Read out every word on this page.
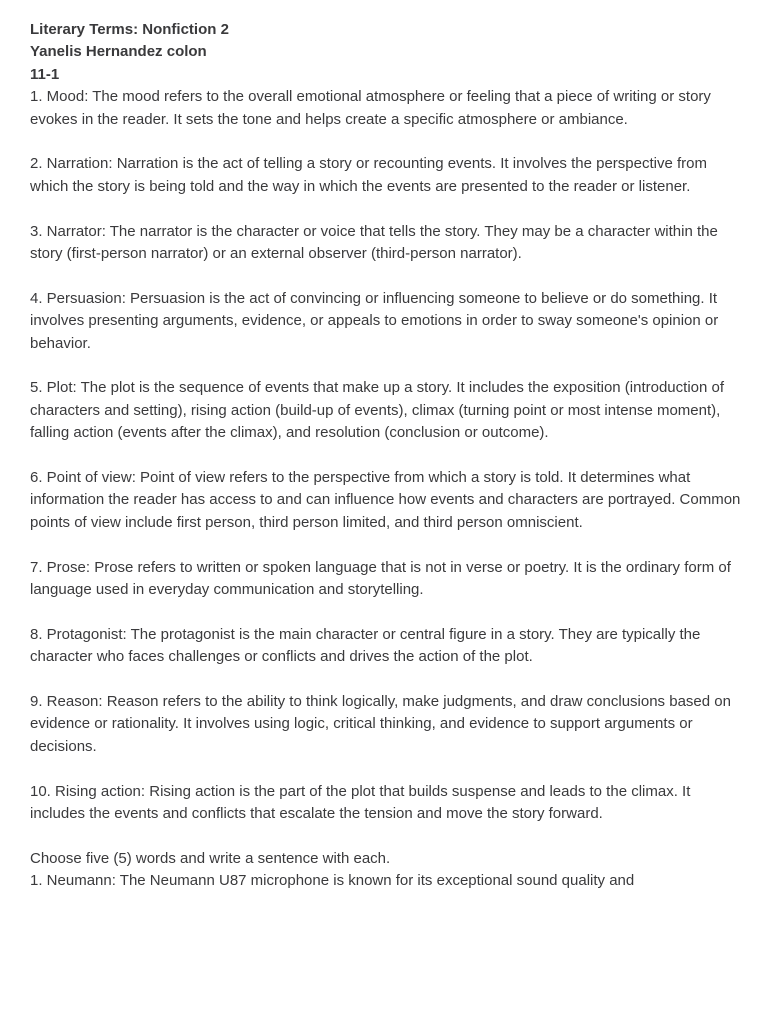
Literary Terms: Nonfiction 2

Yanelis Hernandez colon

11-1

1. Mood: The mood refers to the overall emotional atmosphere or feeling that a piece of writing or story evokes in the reader. It sets the tone and helps create a specific atmosphere or ambiance.

2. Narration: Narration is the act of telling a story or recounting events. It involves the perspective from which the story is being told and the way in which the events are presented to the reader or listener.

3. Narrator: The narrator is the character or voice that tells the story. They may be a character within the story (first-person narrator) or an external observer (third-person narrator).

4. Persuasion: Persuasion is the act of convincing or influencing someone to believe or do something. It involves presenting arguments, evidence, or appeals to emotions in order to sway someone's opinion or behavior.

5. Plot: The plot is the sequence of events that make up a story. It includes the exposition (introduction of characters and setting), rising action (build-up of events), climax (turning point or most intense moment), falling action (events after the climax), and resolution (conclusion or outcome).

6. Point of view: Point of view refers to the perspective from which a story is told. It determines what information the reader has access to and can influence how events and characters are portrayed. Common points of view include first person, third person limited, and third person omniscient.

7. Prose: Prose refers to written or spoken language that is not in verse or poetry. It is the ordinary form of language used in everyday communication and storytelling.

8. Protagonist: The protagonist is the main character or central figure in a story. They are typically the character who faces challenges or conflicts and drives the action of the plot.

9. Reason: Reason refers to the ability to think logically, make judgments, and draw conclusions based on evidence or rationality. It involves using logic, critical thinking, and evidence to support arguments or decisions.

10. Rising action: Rising action is the part of the plot that builds suspense and leads to the climax. It includes the events and conflicts that escalate the tension and move the story forward.

Choose five (5) words and write a sentence with each.

1. Neumann: The Neumann U87 microphone is known for its exceptional sound quality and
